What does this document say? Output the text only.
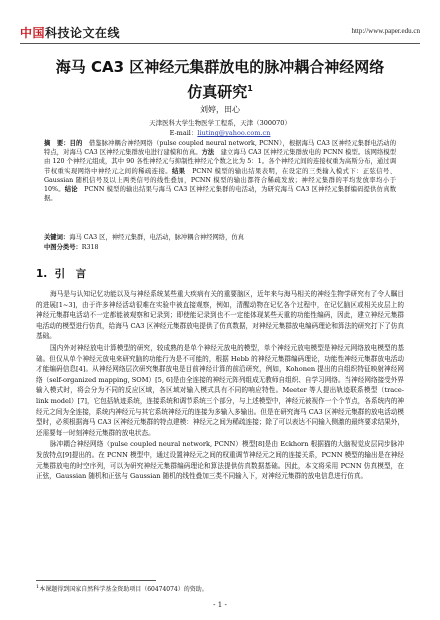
中国科技论文在线	http://www.paper.edu.cn
海马 CA3 区神经元集群放电的脉冲耦合神经网络
仿真研究$^1$
刘婷，田心
天津医科大学生物医学工程系，天津（300070）
E-mail：liuting@yahoo.com.cn
摘　要：目的　借鉴脉冲耦合神经网络（pulse coupled neural network, PCNN），根据海马 CA3 区神经元集群电活动的特点，对海马 CA3 区神经元集群放电进行建模和仿真。方法　建立海马 CA3 区神经元集群放电的 PCNN 模型。该网络模型由 120 个神经元组成，其中 90 各性神经元与抑制性神经元个数之比为 5：1。各个神经元间的连接权重为高斯分布，通过调节权重实现网络中神经元之间的稀疏连接。结果　PCNN 模型的输出结果表明，在设定的三类输入模式下：正弦信号、Gaussian 随机信号及以上两类信号的线性叠加，PCNN 模型的输出都符合稀疏发放；神经元集群的平均发放率均小于 10%。结论　PCNN 模型的输出结果与海马 CA3 区神经元集群的电活动，为研究海马 CA3 区神经元集群编码提供仿真数据。
关键词：海马 CA3 区，神经元集群，电活动，脉冲耦合神经网络，仿真
中图分类号：R318
1. 引　言

海马是与认知记忆功能以及与神经系统某些重大疾病有关的重要脑区，近年来与海马相关的神经生物学研究有了令人瞩目的进展[1~3]，由于许多神经活动很难在实验中被直接观察，例如，清醒动物在记忆各个过程中，在记忆脑区或相关皮层上的神经元集群电活动不一定都能被观察和记录到；即使能记录到也不一定能体现某些天重的功能性编码，因此，建立神经元集群电活动的模型进行仿真，给海马 CA3 区神经元集群放电提供了仿真数据，对神经元集群放电编码理论和算法的研究打下了仿真基础。

国内外对神经放电计算模型的研究，较成熟的是单个神经元放电的模型，单个神经元放电模型是神经元网络放电模型的基础。但仅从单个神经元放电来研究脑的功能行为是不可能的，根据 Hebb 的神经元集群编码理论，功能性神经元集群放电活动才能编码信息[4]。从神经网络层次研究集群放电是目前神经计算的前沿研究，例如，Kohonen 提出的自组织特征映射神经网络（self-organized mapping, SOM）[5, 6]是由全连接的神经元阵列组成无教师自组织、自学习网络。当神经网络接受外界输入模式时，将会分为不同的反应区域，各区域对输入模式具有不同的响应特性。Meeter 等人提出轨迹联系模型（trace-link model）[7]，它包括轨迹系统，连接系统和调节系统三个部分，与上述模型中，神经元被视作一个个节点，各系统内的神经元之间为全连接，系统内神经元与其它系统神经元的连接为多输入多输出。但是在研究海马 CA3 区神经元集群的放电活动模型时，必须根据海马 CA3 区神经元集群的特点建模：神经元之间为稀疏连接；除了可以表达不同输入侧激的最终要求结果外，还需要每一时刻神经元集群的放电状态。

脉冲耦合神经网络（pulse coupled neural network, PCNN）模型[8]是由 Eckhorn 根据猫的大脑视觉皮层同步脉冲发放特点[9]提出的。在 PCNN 模型中，通过设置神经元之间的权重调节神经元之间的连接关系，PCNN 模型的输出是在神经元集群放电的时空序列，可以为研究神经元集群编码理论和算法提供仿真数据基础。因此，本文将采用 PCNN 仿真模型，在正弦，Gaussian 随机和正弦与 Gaussian 随机的线性叠加三类不同输入下，对神经元集群的放电信息进行仿真。

$^1$本课题得到国家自然科学基金资助项目（60474074）的资助。
- 1 -
